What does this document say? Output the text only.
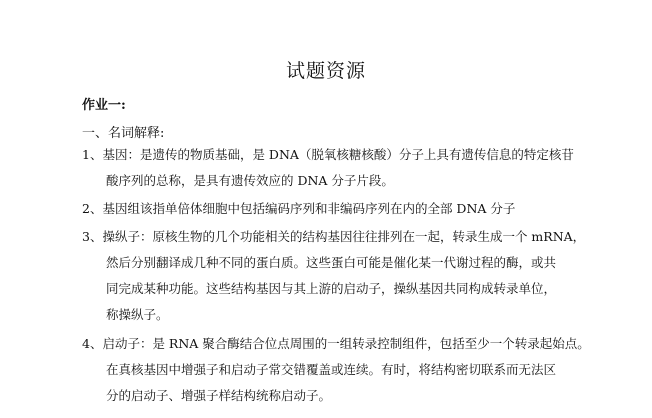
试题资源
作业一:
一、名词解释:
1、基因：是遗传的物质基础，是 DNA（脱氧核糖核酸）分子上具有遗传信息的特定核苷
酸序列的总称，是具有遗传效应的 DNA 分子片段。
2、基因组该指单倍体细胞中包括编码序列和非编码序列在内的全部 DNA 分子
3、操纵子：原核生物的几个功能相关的结构基因往往排列在一起，转录生成一个 mRNA，
然后分别翻译成几种不同的蛋白质。这些蛋白可能是催化某一代谢过程的酶，或共
同完成某种功能。这些结构基因与其上游的启动子，操纵基因共同构成转录单位，
称操纵子。
4、启动子：是 RNA 聚合酶结合位点周围的一组转录控制组件，包括至少一个转录起始点。
在真核基因中增强子和启动子常交错覆盖或连续。有时，将结构密切联系而无法区
分的启动子、增强子样结构统称启动子。
